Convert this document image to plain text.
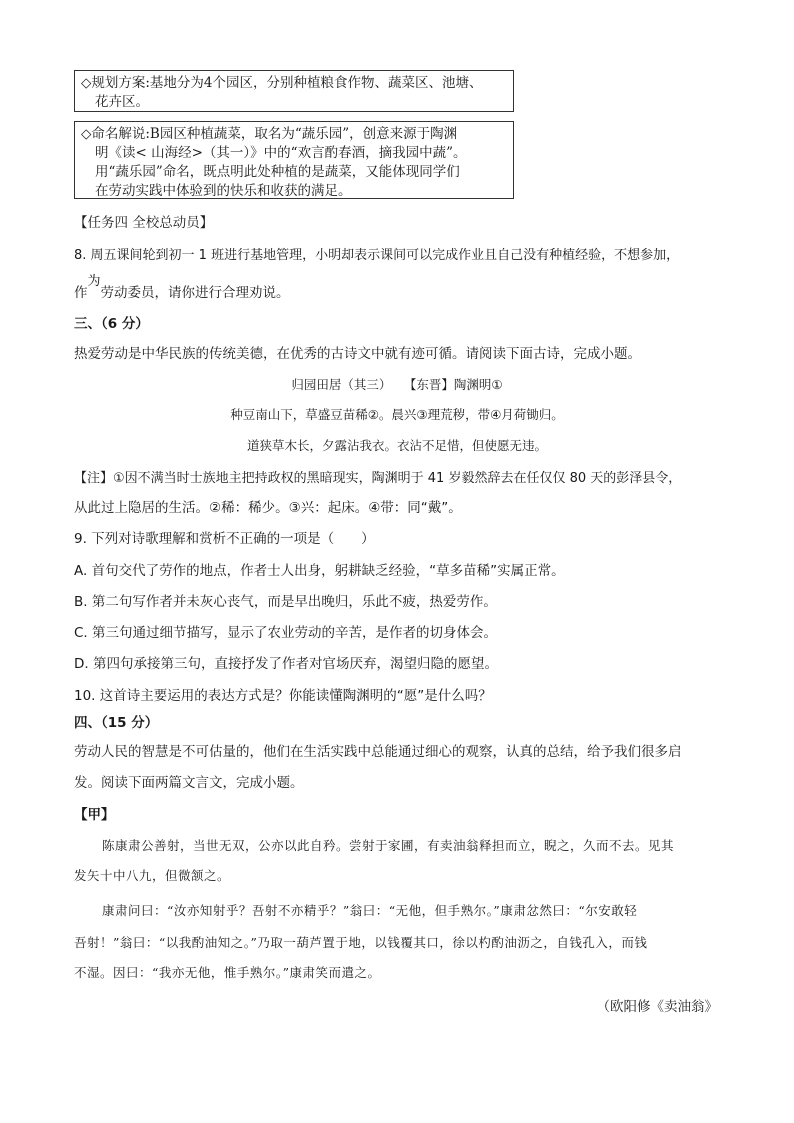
◇规划方案:基地分为4个园区，分别种植粮食作物、蔬菜区、池塘、
花卉区。
◇命名解说:B园区种植蔬菜，取名为“蔬乐园”，创意来源于陶渊
明《读< 山海经>（其一）》中的“欢言酌春酒，摘我园中蔬”。
用“蔬乐园”命名，既点明此处种植的是蔬菜，又能体现同学们
在劳动实践中体验到的快乐和收获的满足。
【任务四 全校总动员】
8. 周五课间轮到初一 1 班进行基地管理，小明却表示课间可以完成作业且自己没有种植经验，不想参加，
作为劳动委员，请你进行合理劝说。
三、（6 分）
热爱劳动是中华民族的传统美德，在优秀的古诗文中就有迹可循。请阅读下面古诗，完成小题。
归园田居（其三）　　【东晋】陶渊明①
种豆南山下，草盛豆苗稀②。晨兴③理荒秽，带④月荷锄归。
道狭草木长，夕露沾我衣。衣沾不足惜，但使愿无违。
【注】①因不满当时士族地主把持政权的黑暗现实，陶渊明于 41 岁毅然辞去在任仅仅 80 天的彭泽县令，
从此过上隐居的生活。②稀：稀少。③兴：起床。④带：同“戴”。
9. 下列对诗歌理解和赏析不正确的一项是（　　）
A. 首句交代了劳作的地点，作者士人出身，躬耕缺乏经验，“草多苗稀”实属正常。
B. 第二句写作者并未灰心丧气，而是早出晚归，乐此不疲，热爱劳作。
C. 第三句通过细节描写，显示了农业劳动的辛苦，是作者的切身体会。
D. 第四句承接第三句，直接抒发了作者对官场厌弃，渴望归隐的愿望。
10. 这首诗主要运用的表达方式是？你能读懂陶渊明的“愿”是什么吗？
四、（15 分）
劳动人民的智慧是不可估量的，他们在生活实践中总能通过细心的观察，认真的总结，给予我们很多启
发。阅读下面两篇文言文，完成小题。
【甲】
陈康肃公善射，当世无双，公亦以此自矜。尝射于家圃，有卖油翁释担而立，睨之，久而不去。见其
发矢十中八九，但微颔之。
康肃问曰：“汝亦知射乎？吾射不亦精乎？”翁曰：“无他，但手熟尔。”康肃忿然曰：“尔安敢轻
吾射！”翁曰：“以我酌油知之。”乃取一葫芦置于地，以钱覆其口，徐以杓酌油沥之，自钱孔入，而钱
不湿。因曰：“我亦无他，惟手熟尔。”康肃笑而遣之。
（欧阳修《卖油翁》
